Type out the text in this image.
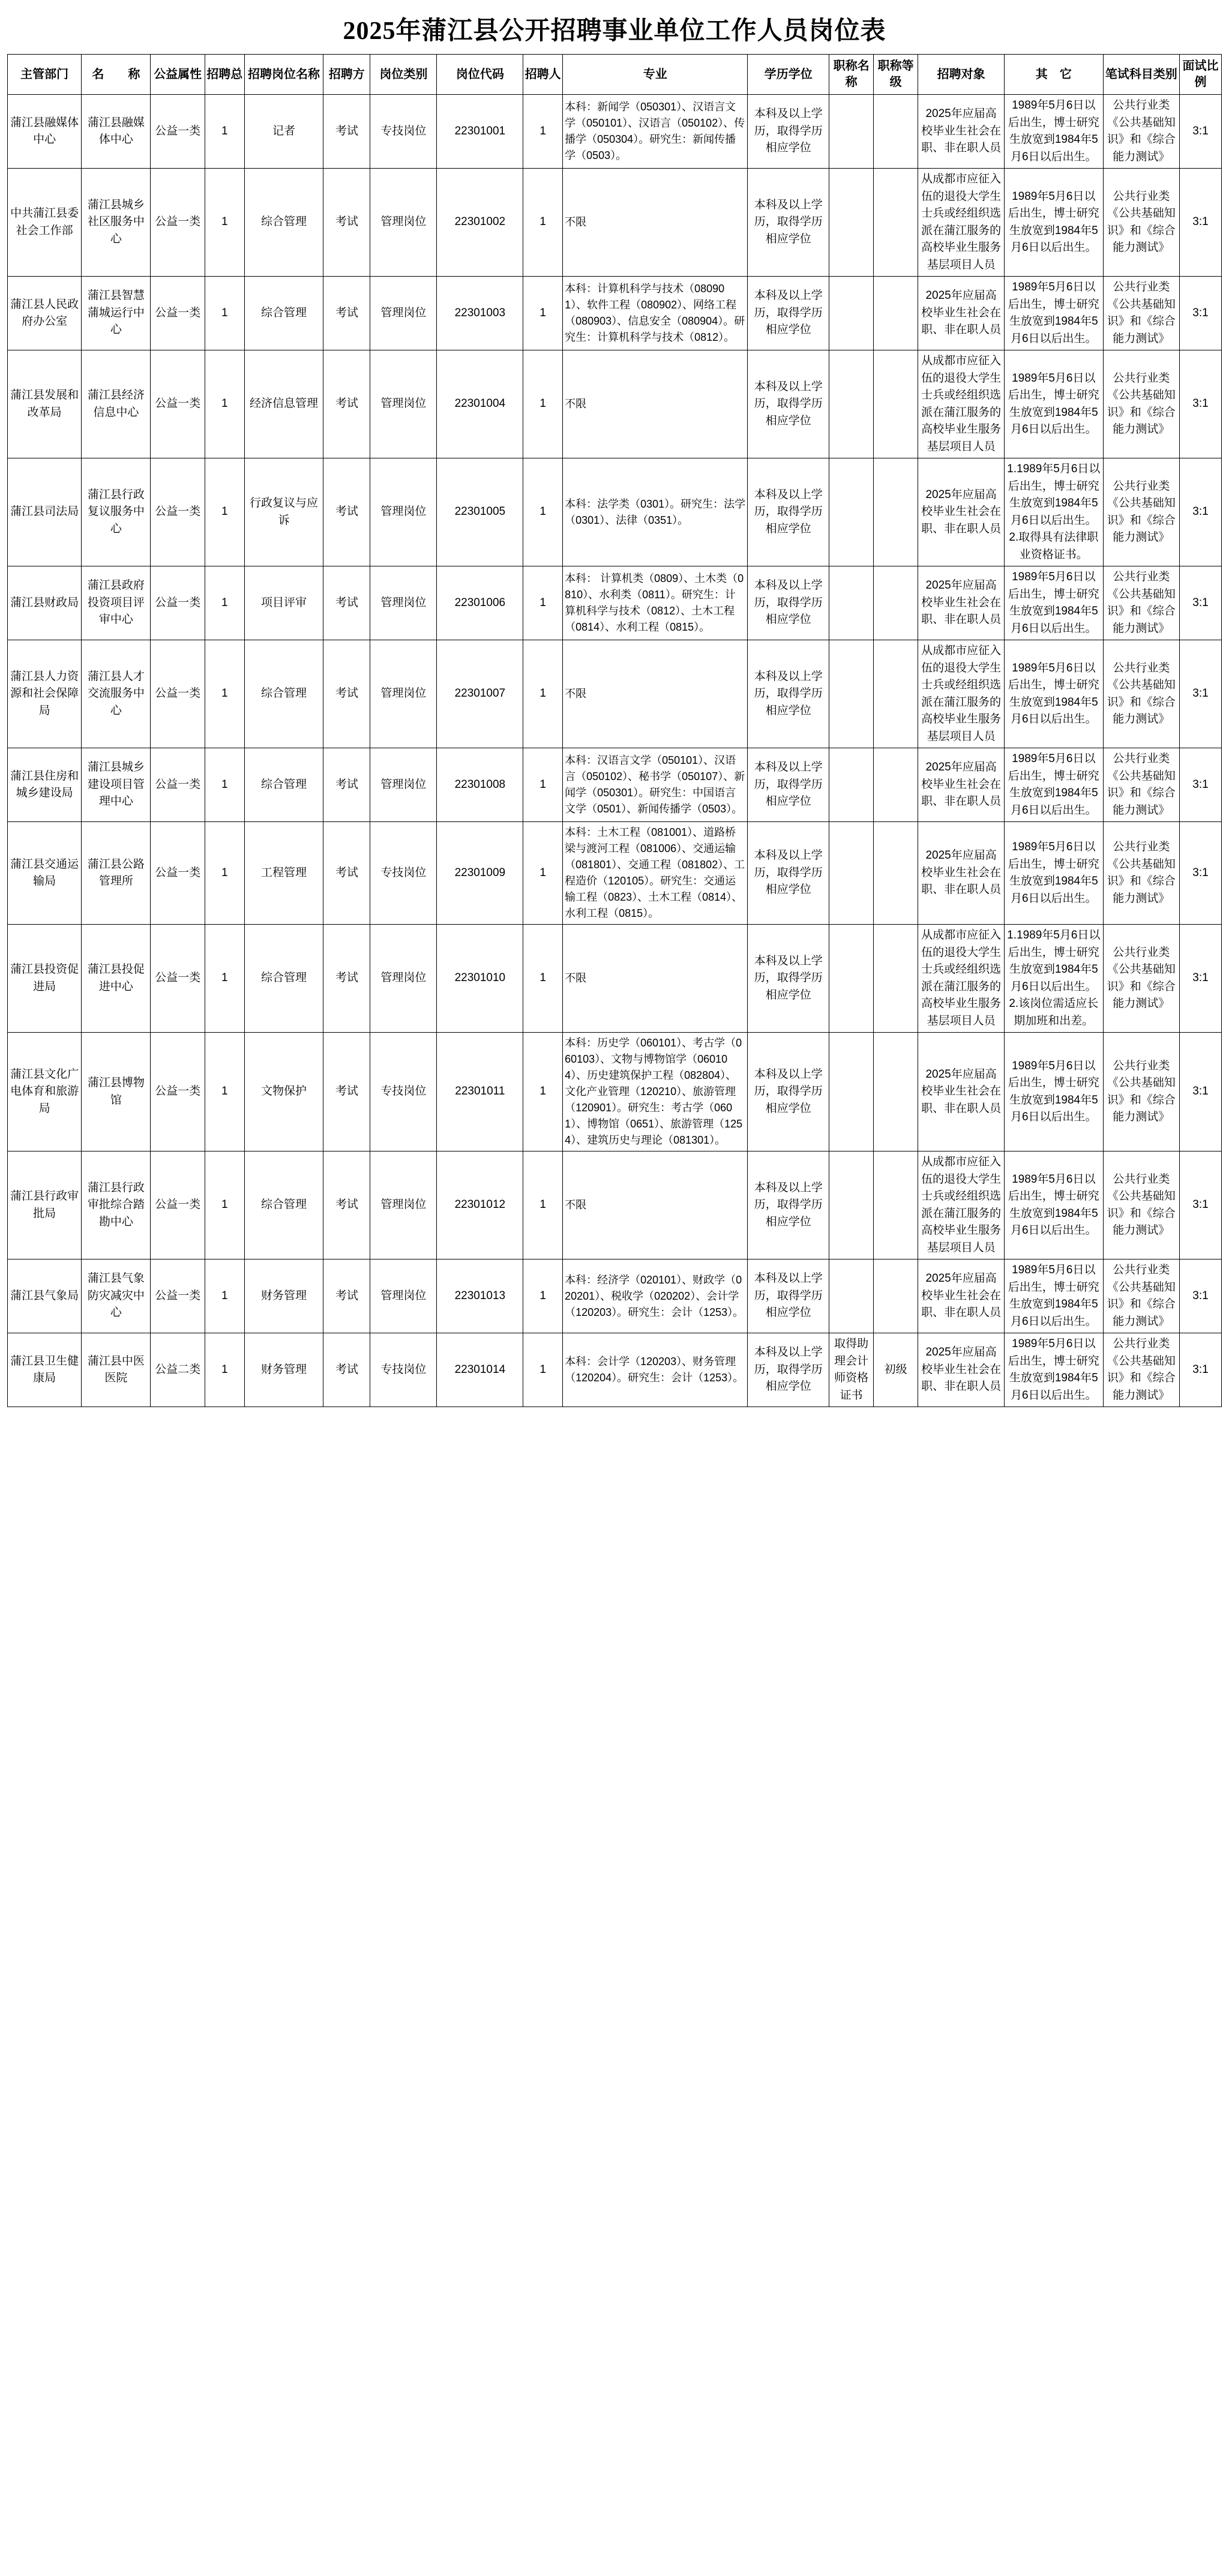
2025年蒲江县公开招聘事业单位工作人员岗位表
主管部门	名　　称	公益属性	招聘总	招聘岗位名称	招聘方	岗位类别	岗位代码	招聘人	专业	学历学位	职称名称	职称等级	招聘对象	其　它	笔试科目类别	面试比例
蒲江县融媒体中心	蒲江县融媒体中心	公益一类	1	记者	考试	专技岗位	22301001	1	本科：新闻学（050301）、汉语言文学（050101）、汉语言（050102）、传播学（050304）。研究生：新闻传播学（0503）。	本科及以上学历，取得学历相应学位			2025年应届高校毕业生社会在职、非在职人员	1989年5月6日以后出生，博士研究生放宽到1984年5月6日以后出生。	公共行业类《公共基础知识》和《综合能力测试》	3:1
中共蒲江县委社会工作部	蒲江县城乡社区服务中心	公益一类	1	综合管理	考试	管理岗位	22301002	1	不限	本科及以上学历，取得学历相应学位			从成都市应征入伍的退役大学生士兵或经组织选派在蒲江服务的高校毕业生服务基层项目人员	1989年5月6日以后出生，博士研究生放宽到1984年5月6日以后出生。	公共行业类《公共基础知识》和《综合能力测试》	3:1
蒲江县人民政府办公室	蒲江县智慧蒲城运行中心	公益一类	1	综合管理	考试	管理岗位	22301003	1	本科：计算机科学与技术（080901）、软件工程（080902）、网络工程（080903）、信息安全（080904）。研究生：计算机科学与技术（0812）。	本科及以上学历，取得学历相应学位			2025年应届高校毕业生社会在职、非在职人员	1989年5月6日以后出生，博士研究生放宽到1984年5月6日以后出生。	公共行业类《公共基础知识》和《综合能力测试》	3:1
蒲江县发展和改革局	蒲江县经济信息中心	公益一类	1	经济信息管理	考试	管理岗位	22301004	1	不限	本科及以上学历，取得学历相应学位			从成都市应征入伍的退役大学生士兵或经组织选派在蒲江服务的高校毕业生服务基层项目人员	1989年5月6日以后出生，博士研究生放宽到1984年5月6日以后出生。	公共行业类《公共基础知识》和《综合能力测试》	3:1
蒲江县司法局	蒲江县行政复议服务中心	公益一类	1	行政复议与应诉	考试	管理岗位	22301005	1	本科：法学类（0301）。研究生：法学（0301）、法律（0351）。	本科及以上学历，取得学历相应学位			2025年应届高校毕业生社会在职、非在职人员	1.1989年5月6日以后出生，博士研究生放宽到1984年5月6日以后出生。2.取得具有法律职业资格证书。	公共行业类《公共基础知识》和《综合能力测试》	3:1
蒲江县财政局	蒲江县政府投资项目评审中心	公益一类	1	项目评审	考试	管理岗位	22301006	1	本科： 计算机类（0809）、土木类（0810）、水利类（0811）。研究生：计算机科学与技术（0812）、土木工程（0814）、水利工程（0815）。	本科及以上学历，取得学历相应学位			2025年应届高校毕业生社会在职、非在职人员	1989年5月6日以后出生，博士研究生放宽到1984年5月6日以后出生。	公共行业类《公共基础知识》和《综合能力测试》	3:1
蒲江县人力资源和社会保障局	蒲江县人才交流服务中心	公益一类	1	综合管理	考试	管理岗位	22301007	1	不限	本科及以上学历，取得学历相应学位			从成都市应征入伍的退役大学生士兵或经组织选派在蒲江服务的高校毕业生服务基层项目人员	1989年5月6日以后出生，博士研究生放宽到1984年5月6日以后出生。	公共行业类《公共基础知识》和《综合能力测试》	3:1
蒲江县住房和城乡建设局	蒲江县城乡建设项目管理中心	公益一类	1	综合管理	考试	管理岗位	22301008	1	本科：汉语言文学（050101）、汉语言（050102）、秘书学（050107）、新闻学（050301）。研究生：中国语言文学（0501）、新闻传播学（0503）。	本科及以上学历，取得学历相应学位			2025年应届高校毕业生社会在职、非在职人员	1989年5月6日以后出生，博士研究生放宽到1984年5月6日以后出生。	公共行业类《公共基础知识》和《综合能力测试》	3:1
蒲江县交通运输局	蒲江县公路管理所	公益一类	1	工程管理	考试	专技岗位	22301009	1	本科：土木工程（081001）、道路桥梁与渡河工程（081006）、交通运输（081801）、交通工程（081802）、工程造价（120105）。研究生：交通运输工程（0823）、土木工程（0814）、水利工程（0815）。	本科及以上学历，取得学历相应学位			2025年应届高校毕业生社会在职、非在职人员	1989年5月6日以后出生，博士研究生放宽到1984年5月6日以后出生。	公共行业类《公共基础知识》和《综合能力测试》	3:1
蒲江县投资促进局	蒲江县投促进中心	公益一类	1	综合管理	考试	管理岗位	22301010	1	不限	本科及以上学历，取得学历相应学位			从成都市应征入伍的退役大学生士兵或经组织选派在蒲江服务的高校毕业生服务基层项目人员	1.1989年5月6日以后出生，博士研究生放宽到1984年5月6日以后出生。2.该岗位需适应长期加班和出差。	公共行业类《公共基础知识》和《综合能力测试》	3:1
蒲江县文化广电体育和旅游局	蒲江县博物馆	公益一类	1	文物保护	考试	专技岗位	22301011	1	本科：历史学（060101）、考古学（060103）、文物与博物馆学（060104）、历史建筑保护工程（082804）、文化产业管理（120210）、旅游管理（120901）。研究生：考古学（0601）、博物馆（0651）、旅游管理（1254）、建筑历史与理论（081301）。	本科及以上学历，取得学历相应学位			2025年应届高校毕业生社会在职、非在职人员	1989年5月6日以后出生，博士研究生放宽到1984年5月6日以后出生。	公共行业类《公共基础知识》和《综合能力测试》	3:1
蒲江县行政审批局	蒲江县行政审批综合踏勘中心	公益一类	1	综合管理	考试	管理岗位	22301012	1	不限	本科及以上学历，取得学历相应学位			从成都市应征入伍的退役大学生士兵或经组织选派在蒲江服务的高校毕业生服务基层项目人员	1989年5月6日以后出生，博士研究生放宽到1984年5月6日以后出生。	公共行业类《公共基础知识》和《综合能力测试》	3:1
蒲江县气象局	蒲江县气象防灾减灾中心	公益一类	1	财务管理	考试	管理岗位	22301013	1	本科：经济学（020101）、财政学（020201）、税收学（020202）、会计学（120203）。研究生：会计（1253）。	本科及以上学历，取得学历相应学位			2025年应届高校毕业生社会在职、非在职人员	1989年5月6日以后出生，博士研究生放宽到1984年5月6日以后出生。	公共行业类《公共基础知识》和《综合能力测试》	3:1
蒲江县卫生健康局	蒲江县中医医院	公益二类	1	财务管理	考试	专技岗位	22301014	1	本科：会计学（120203）、财务管理（120204）。研究生：会计（1253）。	本科及以上学历，取得学历相应学位	取得助理会计师资格证书	初级	2025年应届高校毕业生社会在职、非在职人员	1989年5月6日以后出生，博士研究生放宽到1984年5月6日以后出生。	公共行业类《公共基础知识》和《综合能力测试》	3:1
